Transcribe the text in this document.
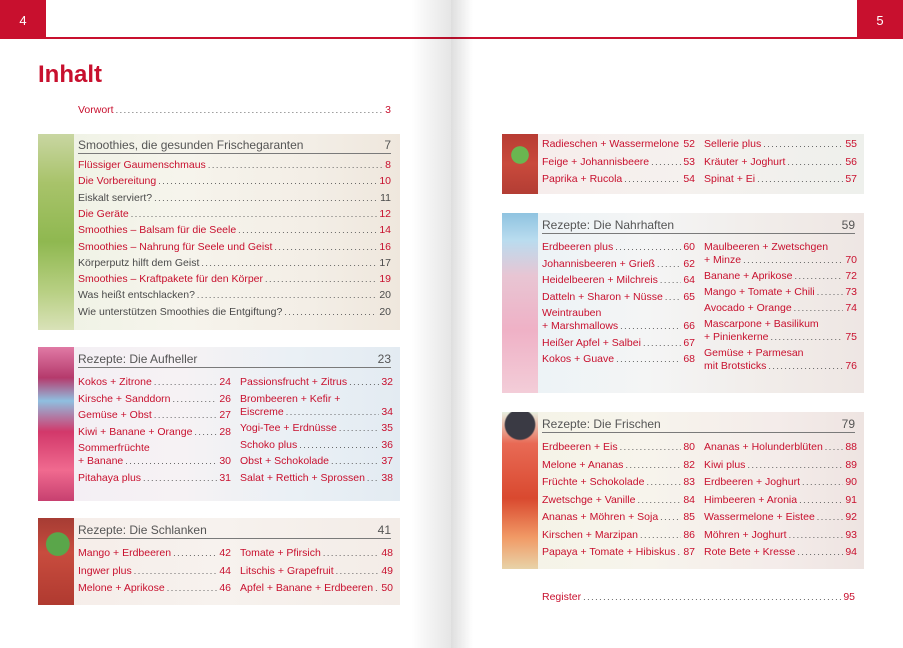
4
Inhalt
Vorwort .....	3
Smoothies, die gesunden Frischegaranten	7
Flüssiger Gaumenschmaus .....	8
Die Vorbereitung .....	10
Eiskalt serviert? .....	11
Die Geräte .....	12
Smoothies – Balsam für die Seele .....	14
Smoothies – Nahrung für Seele und Geist .....	16
Körperputz hilft dem Geist .....	17
Smoothies – Kraftpakete für den Körper .....	19
Was heißt entschlacken? .....	20
Wie unterstützen Smoothies die Entgiftung? .....	20
Rezepte: Die Aufheller	23
Kokos + Zitrone .....	24
Kirsche + Sanddorn .....	26
Gemüse + Obst .....	27
Kiwi + Banane + Orange .....	28
Sommerfrüchte
+ Banane .....	30
Pitahaya plus .....	31
Passionsfrucht + Zitrus .....	32
Brombeeren + Kefir +
Eiscreme .....	34
Yogi-Tee + Erdnüsse .....	35
Schoko plus .....	36
Obst + Schokolade .....	37
Salat + Rettich + Sprossen ..... 38
Rezepte: Die Schlanken	41
Mango + Erdbeeren .....	42
Ingwer plus .....	44
Melone + Aprikose .....	46
Tomate + Pfirsich .....	48
Litschis + Grapefruit .....	49
Apfel + Banane + Erdbeeren ..... 50
5
Radieschen + Wassermelone ..... 52
Feige + Johannisbeere .....	53
Paprika + Rucola .....	54
Sellerie plus .....	55
Kräuter + Joghurt .....	56
Spinat + Ei .....	57
Rezepte: Die Nahrhaften	59
Erdbeeren plus .....	60
Johannisbeeren + Grieß .....	62
Heidelbeeren + Milchreis ..... 64
Datteln + Sharon + Nüsse ..... 65
Weintrauben
+ Marshmallows .....	66
Heißer Apfel + Salbei .....	67
Kokos + Guave .....	68
Maulbeeren + Zwetschgen
+ Minze .....	70
Banane + Aprikose .....	72
Mango + Tomate + Chili .....	73
Avocado + Orange .....	74
Mascarpone + Basilikum
+ Pinienkerne .....	75
Gemüse + Parmesan
mit Brotsticks .....	76
Rezepte: Die Frischen	79
Erdbeeren + Eis .....	80
Melone + Ananas .....	82
Früchte + Schokolade .....	83
Zwetschge + Vanille .....	84
Ananas + Möhren + Soja ..... 85
Kirschen + Marzipan .....	86
Papaya + Tomate + Hibiskus ..... 87
Ananas + Holunderblüten ..... 88
Kiwi plus .....	89
Erdbeeren + Joghurt .....	90
Himbeeren + Aronia .....	91
Wassermelone + Eistee .....	92
Möhren + Joghurt .....	93
Rote Bete + Kresse .....	94
Register .....	95
